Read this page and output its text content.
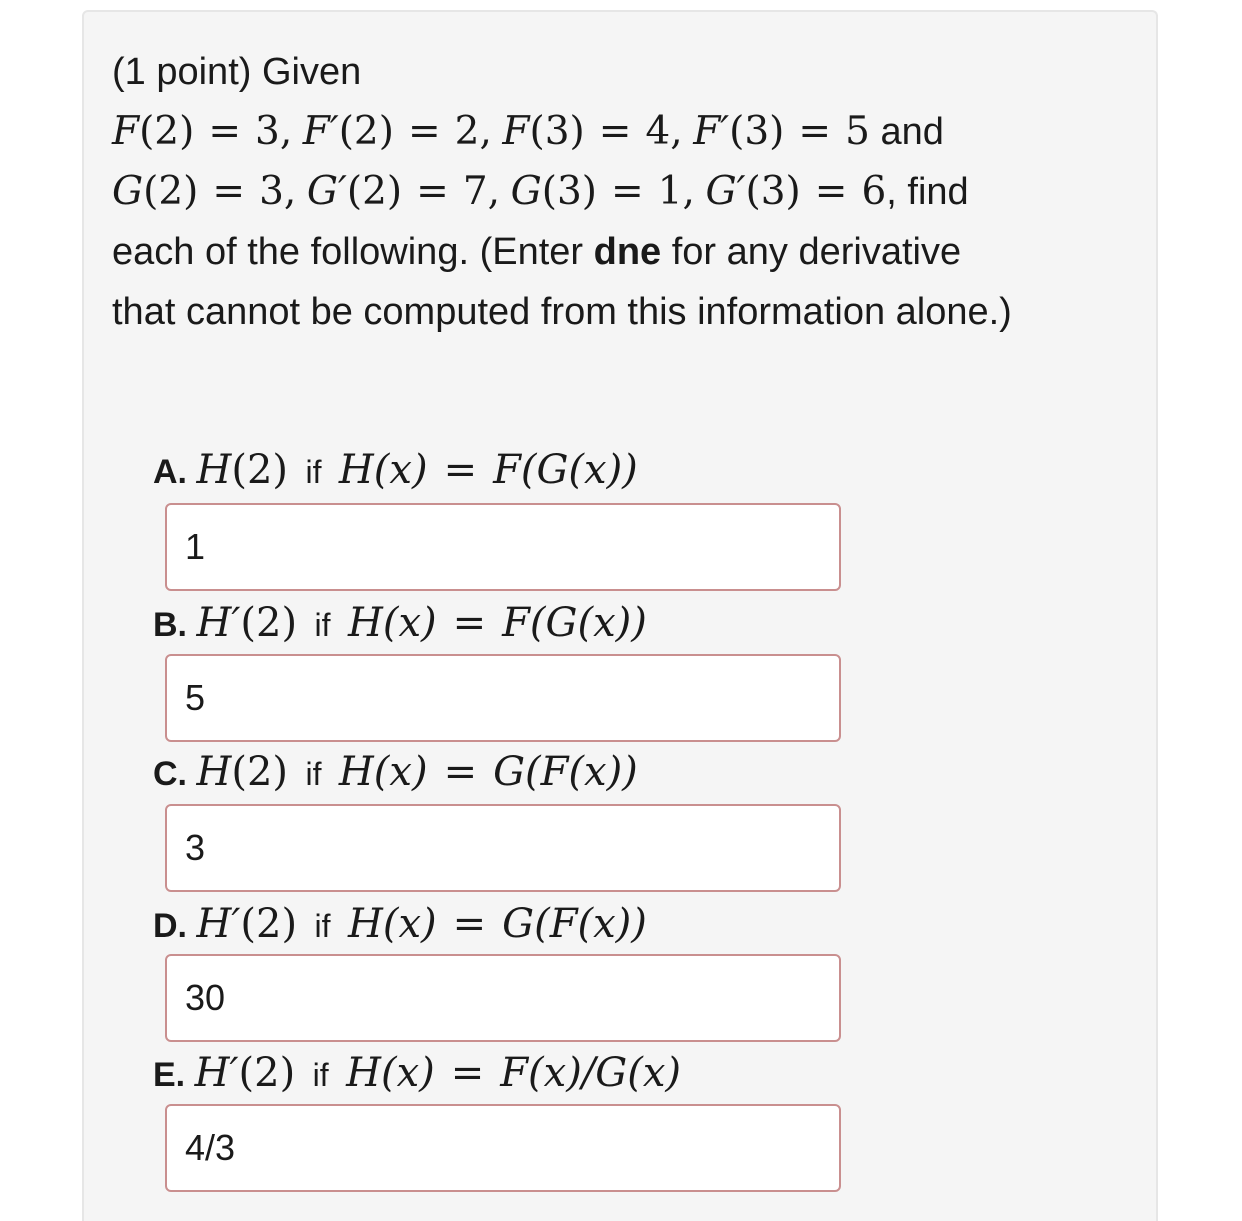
(1 point) Given
F(2) = 3, F′(2) = 2, F(3) = 4, F′(3) = 5 and
G(2) = 3, G′(2) = 7, G(3) = 1, G′(3) = 6, find
each of the following. (Enter dne for any derivative
that cannot be computed from this information alone.)
A. H(2) if H(x) = F(G(x))
1
B. H′(2) if H(x) = F(G(x))
5
C. H(2) if H(x) = G(F(x))
3
D. H′(2) if H(x) = G(F(x))
30
E. H′(2) if H(x) = F(x)/G(x)
4/3
